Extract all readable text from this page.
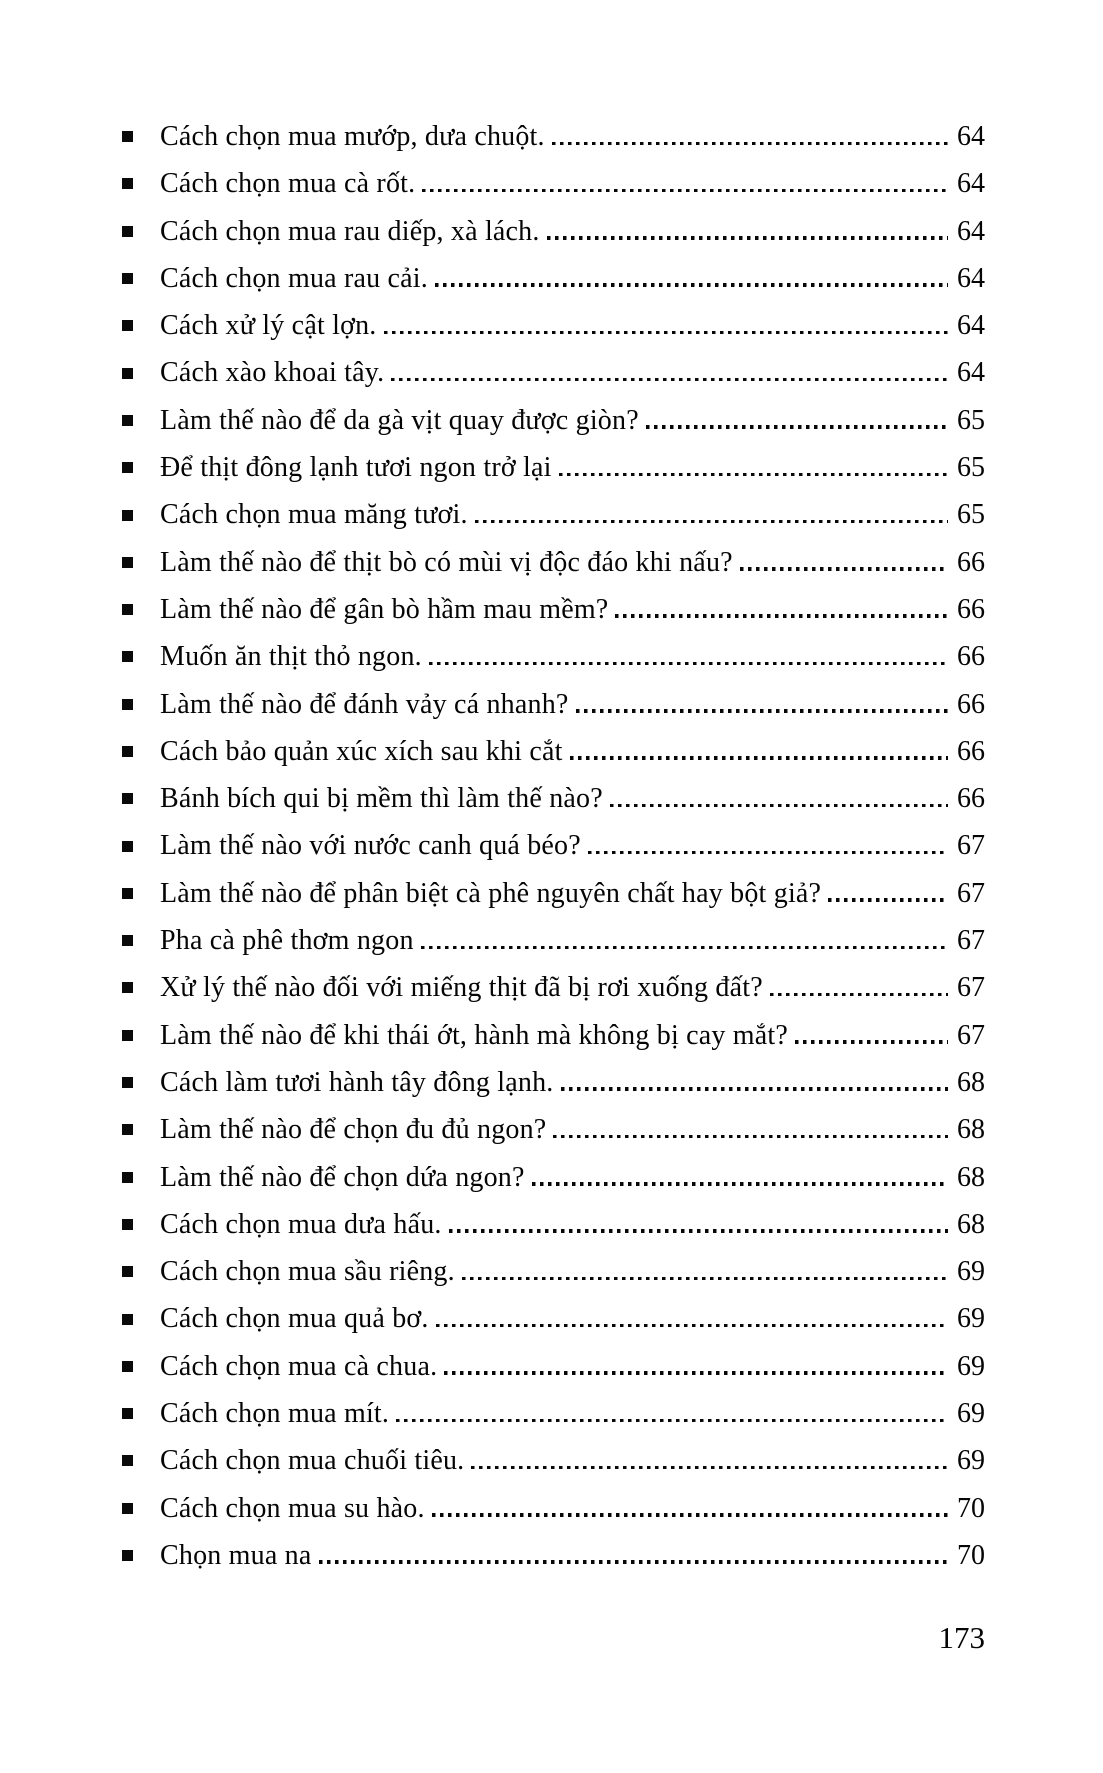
Cách chọn mua mướp, dưa chuột.	64
Cách chọn mua cà rốt.	64
Cách chọn mua rau diếp, xà lách.	64
Cách chọn mua rau cải.	64
Cách xử lý cật lợn.	64
Cách xào khoai tây.	64
Làm thế nào để da gà vịt quay được giòn?	65
Để thịt đông lạnh tươi ngon trở lại	65
Cách chọn mua măng tươi.	65
Làm thế nào để thịt bò có mùi vị độc đáo khi nấu?	66
Làm thế nào để gân bò hầm mau mềm?	66
Muốn ăn thịt thỏ ngon.	66
Làm thế nào để đánh vảy cá nhanh?	66
Cách bảo quản xúc xích sau khi cắt	66
Bánh bích qui bị mềm thì làm thế nào?	66
Làm thế nào với nước canh quá béo?	67
Làm thế nào để phân biệt cà phê nguyên chất hay bột giả?	67
Pha cà phê thơm ngon	67
Xử lý thế nào đối với miếng thịt đã bị rơi xuống đất?	67
Làm thế nào để khi thái ớt, hành mà không bị cay mắt?	67
Cách làm tươi hành tây đông lạnh.	68
Làm thế nào để chọn đu đủ ngon?	68
Làm thế nào để chọn dứa ngon?	68
Cách chọn mua dưa hấu.	68
Cách chọn mua sầu riêng.	69
Cách chọn mua quả bơ.	69
Cách chọn mua cà chua.	69
Cách chọn mua mít.	69
Cách chọn mua chuối tiêu.	69
Cách chọn mua su hào.	70
Chọn mua na	70
173
